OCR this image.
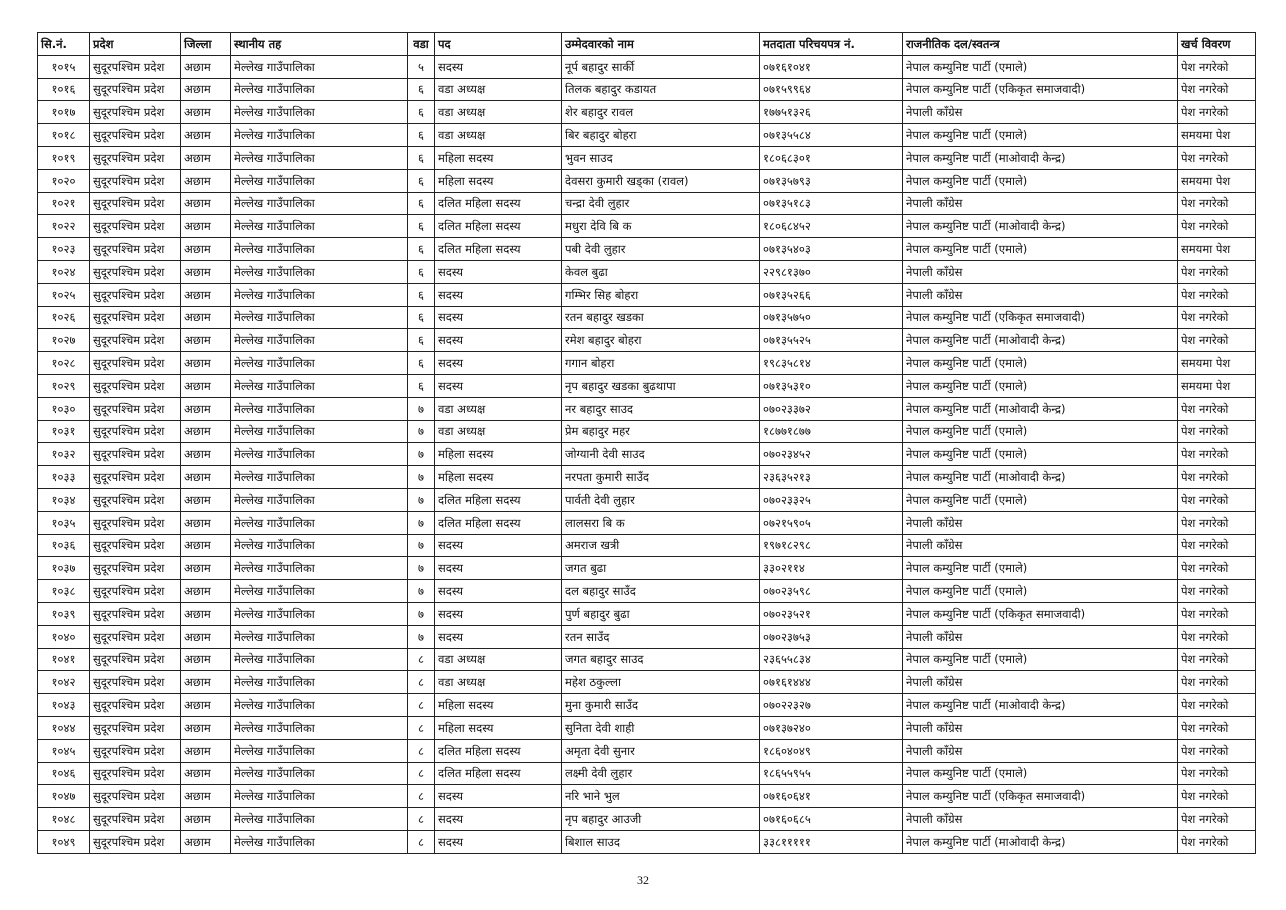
सि.नं.	प्रदेश	जिल्ला	स्थानीय तह	वडा	पद	उम्मेदवारको नाम	मतदाता परिचयपत्र नं.	राजनीतिक दल/स्वतन्त्र	खर्च विवरण
१०१५	सुदूरपश्चिम प्रदेश	अछाम	मेल्लेख गाउँपालिका	५	सदस्य	नूर्प बहादुर सार्की	०७१६१०४१	नेपाल कम्युनिष्ट पार्टी (एमाले)	पेश नगरेको
१०१६	सुदूरपश्चिम प्रदेश	अछाम	मेल्लेख गाउँपालिका	६	वडा अध्यक्ष	तिलक बहादुर कडायत	०७१५९९६४	नेपाल कम्युनिष्ट पार्टी (एकिकृत समाजवादी)	पेश नगरेको
१०१७	सुदूरपश्चिम प्रदेश	अछाम	मेल्लेख गाउँपालिका	६	वडा अध्यक्ष	शेर बहादुर रावल	१७७५१३२६	नेपाली काँग्रेस	पेश नगरेको
१०१८	सुदूरपश्चिम प्रदेश	अछाम	मेल्लेख गाउँपालिका	६	वडा अध्यक्ष	बिर बहादुर बोहरा	०७१३५५८४	नेपाल कम्युनिष्ट पार्टी (एमाले)	समयमा पेश
१०१९	सुदूरपश्चिम प्रदेश	अछाम	मेल्लेख गाउँपालिका	६	महिला सदस्य	भुवन साउद	१८०६८३०१	नेपाल कम्युनिष्ट पार्टी (माओवादी केन्द्र)	पेश नगरेको
१०२०	सुदूरपश्चिम प्रदेश	अछाम	मेल्लेख गाउँपालिका	६	महिला सदस्य	देवसरा कुमारी खड्का (रावल)	०७१३५७९३	नेपाल कम्युनिष्ट पार्टी (एमाले)	समयमा पेश
१०२१	सुदूरपश्चिम प्रदेश	अछाम	मेल्लेख गाउँपालिका	६	दलित महिला सदस्य	चन्द्रा देवी लुहार	०७१३५१८३	नेपाली काँग्रेस	पेश नगरेको
१०२२	सुदूरपश्चिम प्रदेश	अछाम	मेल्लेख गाउँपालिका	६	दलित महिला सदस्य	मधुरा देवि बि क	१८०६८४५२	नेपाल कम्युनिष्ट पार्टी (माओवादी केन्द्र)	पेश नगरेको
१०२३	सुदूरपश्चिम प्रदेश	अछाम	मेल्लेख गाउँपालिका	६	दलित महिला सदस्य	पबी देवी लुहार	०७१३५४०३	नेपाल कम्युनिष्ट पार्टी (एमाले)	समयमा पेश
१०२४	सुदूरपश्चिम प्रदेश	अछाम	मेल्लेख गाउँपालिका	६	सदस्य	केवल बुढा	२२९८१३७०	नेपाली काँग्रेस	पेश नगरेको
१०२५	सुदूरपश्चिम प्रदेश	अछाम	मेल्लेख गाउँपालिका	६	सदस्य	गम्भिर सिह बोहरा	०७१३५२६६	नेपाली काँग्रेस	पेश नगरेको
१०२६	सुदूरपश्चिम प्रदेश	अछाम	मेल्लेख गाउँपालिका	६	सदस्य	रतन बहादुर खडका	०७१३५७५०	नेपाल कम्युनिष्ट पार्टी (एकिकृत समाजवादी)	पेश नगरेको
१०२७	सुदूरपश्चिम प्रदेश	अछाम	मेल्लेख गाउँपालिका	६	सदस्य	रमेश बहादुर बोहरा	०७१३५५२५	नेपाल कम्युनिष्ट पार्टी (माओवादी केन्द्र)	पेश नगरेको
१०२८	सुदूरपश्चिम प्रदेश	अछाम	मेल्लेख गाउँपालिका	६	सदस्य	गगान बोहरा	१९८३५८१४	नेपाल कम्युनिष्ट पार्टी (एमाले)	समयमा पेश
१०२९	सुदूरपश्चिम प्रदेश	अछाम	मेल्लेख गाउँपालिका	६	सदस्य	नृप बहादुर खडका बुढथापा	०७१३५३१०	नेपाल कम्युनिष्ट पार्टी (एमाले)	समयमा पेश
१०३०	सुदूरपश्चिम प्रदेश	अछाम	मेल्लेख गाउँपालिका	७	वडा अध्यक्ष	नर बहादुर साउद	०७०२३३७२	नेपाल कम्युनिष्ट पार्टी (माओवादी केन्द्र)	पेश नगरेको
१०३१	सुदूरपश्चिम प्रदेश	अछाम	मेल्लेख गाउँपालिका	७	वडा अध्यक्ष	प्रेम बहादुर महर	१८७७१८७७	नेपाल कम्युनिष्ट पार्टी (एमाले)	पेश नगरेको
१०३२	सुदूरपश्चिम प्रदेश	अछाम	मेल्लेख गाउँपालिका	७	महिला सदस्य	जोग्यानी देवी साउद	०७०२३४५२	नेपाल कम्युनिष्ट पार्टी (एमाले)	पेश नगरेको
१०३३	सुदूरपश्चिम प्रदेश	अछाम	मेल्लेख गाउँपालिका	७	महिला सदस्य	नरपता कुमारी साउँद	२३६३५२१३	नेपाल कम्युनिष्ट पार्टी (माओवादी केन्द्र)	पेश नगरेको
१०३४	सुदूरपश्चिम प्रदेश	अछाम	मेल्लेख गाउँपालिका	७	दलित महिला सदस्य	पार्वती देवी लुहार	०७०२३३२५	नेपाल कम्युनिष्ट पार्टी (एमाले)	पेश नगरेको
१०३५	सुदूरपश्चिम प्रदेश	अछाम	मेल्लेख गाउँपालिका	७	दलित महिला सदस्य	लालसरा बि क	०७२१५९०५	नेपाली काँग्रेस	पेश नगरेको
१०३६	सुदूरपश्चिम प्रदेश	अछाम	मेल्लेख गाउँपालिका	७	सदस्य	अमराज खत्री	१९७१८२९८	नेपाली काँग्रेस	पेश नगरेको
१०३७	सुदूरपश्चिम प्रदेश	अछाम	मेल्लेख गाउँपालिका	७	सदस्य	जगत बुढा	३३०२११४	नेपाल कम्युनिष्ट पार्टी (एमाले)	पेश नगरेको
१०३८	सुदूरपश्चिम प्रदेश	अछाम	मेल्लेख गाउँपालिका	७	सदस्य	दल बहादुर साउँद	०७०२३५९८	नेपाल कम्युनिष्ट पार्टी (एमाले)	पेश नगरेको
१०३९	सुदूरपश्चिम प्रदेश	अछाम	मेल्लेख गाउँपालिका	७	सदस्य	पुर्ण बहादुर बुढा	०७०२३५२१	नेपाल कम्युनिष्ट पार्टी (एकिकृत समाजवादी)	पेश नगरेको
१०४०	सुदूरपश्चिम प्रदेश	अछाम	मेल्लेख गाउँपालिका	७	सदस्य	रतन साउँद	०७०२३७५३	नेपाली काँग्रेस	पेश नगरेको
१०४१	सुदूरपश्चिम प्रदेश	अछाम	मेल्लेख गाउँपालिका	८	वडा अध्यक्ष	जगत बहादुर साउद	२३६५५८३४	नेपाल कम्युनिष्ट पार्टी (एमाले)	पेश नगरेको
१०४२	सुदूरपश्चिम प्रदेश	अछाम	मेल्लेख गाउँपालिका	८	वडा अध्यक्ष	महेश ठकुल्ला	०७१६१४४४	नेपाली काँग्रेस	पेश नगरेको
१०४३	सुदूरपश्चिम प्रदेश	अछाम	मेल्लेख गाउँपालिका	८	महिला सदस्य	मुना कुमारी साउँद	०७०२२३२७	नेपाल कम्युनिष्ट पार्टी (माओवादी केन्द्र)	पेश नगरेको
१०४४	सुदूरपश्चिम प्रदेश	अछाम	मेल्लेख गाउँपालिका	८	महिला सदस्य	सुनिता देवी शाही	०७१३७२४०	नेपाली काँग्रेस	पेश नगरेको
१०४५	सुदूरपश्चिम प्रदेश	अछाम	मेल्लेख गाउँपालिका	८	दलित महिला सदस्य	अमृता देवी सुनार	१८६०४०४९	नेपाली काँग्रेस	पेश नगरेको
१०४६	सुदूरपश्चिम प्रदेश	अछाम	मेल्लेख गाउँपालिका	८	दलित महिला सदस्य	लक्ष्मी देवी लुहार	१८६५५९५५	नेपाल कम्युनिष्ट पार्टी (एमाले)	पेश नगरेको
१०४७	सुदूरपश्चिम प्रदेश	अछाम	मेल्लेख गाउँपालिका	८	सदस्य	नरि भाने भुल	०७१६०६४१	नेपाल कम्युनिष्ट पार्टी (एकिकृत समाजवादी)	पेश नगरेको
१०४८	सुदूरपश्चिम प्रदेश	अछाम	मेल्लेख गाउँपालिका	८	सदस्य	नृप बहादुर आउजी	०७१६०६८५	नेपाली काँग्रेस	पेश नगरेको
१०४९	सुदूरपश्चिम प्रदेश	अछाम	मेल्लेख गाउँपालिका	८	सदस्य	बिशाल साउद	३३८१११११	नेपाल कम्युनिष्ट पार्टी (माओवादी केन्द्र)	पेश नगरेको
32
